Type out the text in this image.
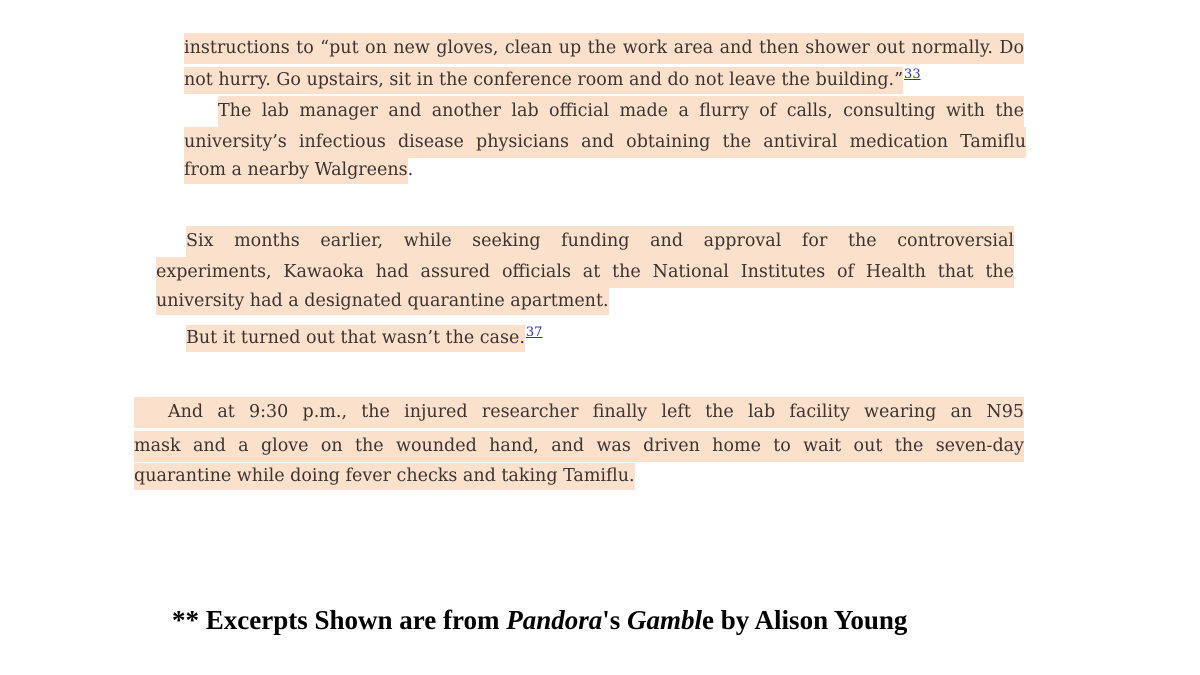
instructions to “put on new gloves, clean up the work area and then shower out normally. Do
not hurry. Go upstairs, sit in the conference room and do not leave the building.”$^{33}$
The lab manager and another lab official made a flurry of calls, consulting with the
university’s infectious disease physicians and obtaining the antiviral medication Tamiflu
from a nearby Walgreens.
Six months earlier, while seeking funding and approval for the controversial
experiments, Kawaoka had assured officials at the National Institutes of Health that the
university had a designated quarantine apartment.
But it turned out that wasn’t the case.$^{37}$
And at 9:30 p.m., the injured researcher finally left the lab facility wearing an N95
mask and a glove on the wounded hand, and was driven home to wait out the seven-day
quarantine while doing fever checks and taking Tamiflu.
** Excerpts Shown are from Pandora's Gamble by Alison Young
